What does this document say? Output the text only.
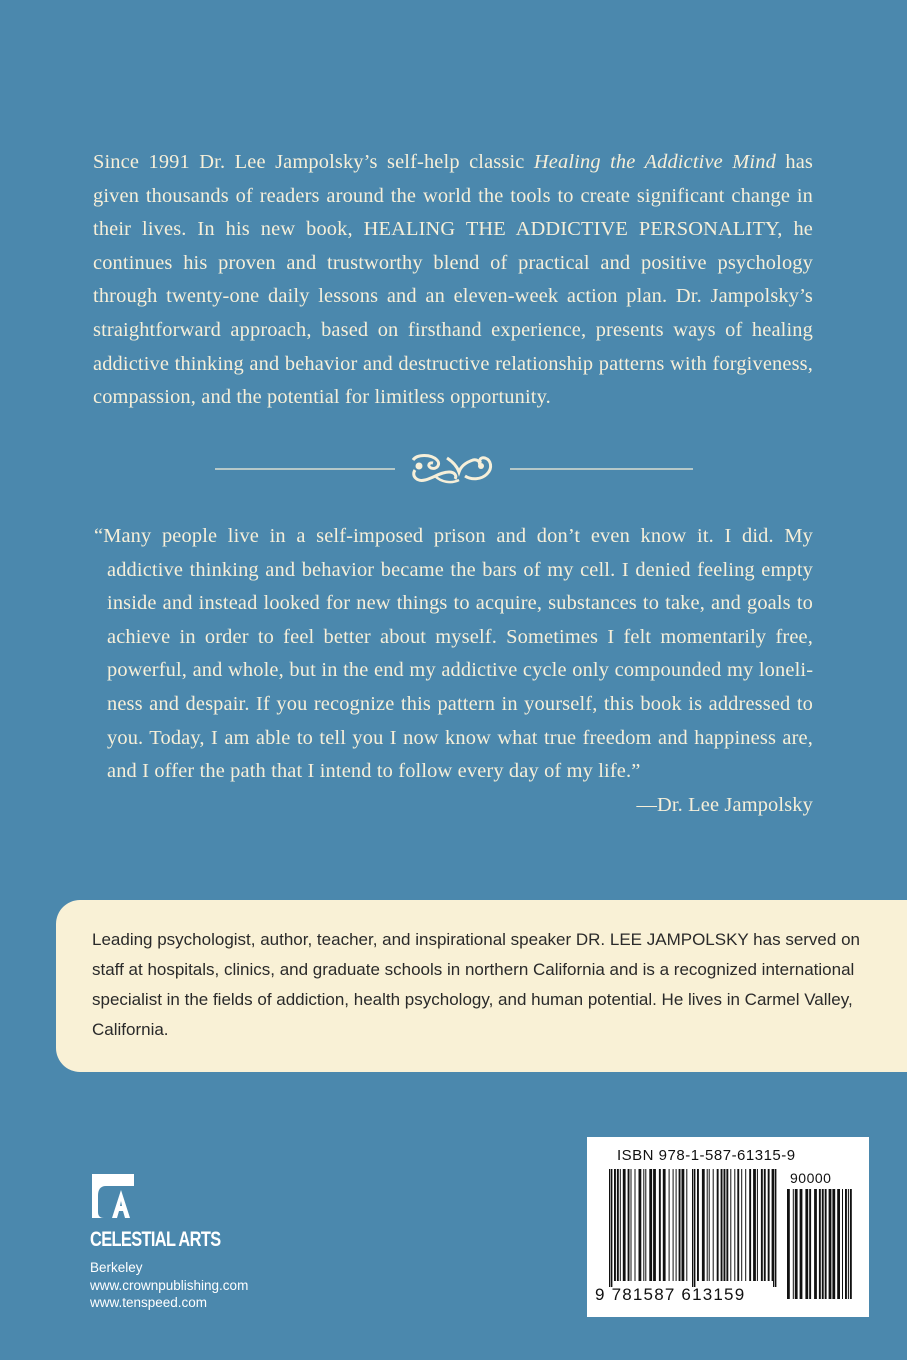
Since 1991 Dr. Lee Jampolsky’s self-help classic Healing the Addictive Mind has given thousands of readers around the world the tools to create significant change in their lives. In his new book, HEALING THE ADDICTIVE PERSONALITY, he continues his proven and trustworthy blend of practical and positive psychology through twenty-one daily lessons and an eleven-week action plan. Dr. Jampolsky’s straightforward approach, based on firsthand experience, presents ways of healing addictive thinking and behavior and destructive relationship patterns with forgiveness, compassion, and the potential for limitless opportunity.
“Many people live in a self-imposed prison and don’t even know it. I did. My addictive thinking and behavior became the bars of my cell. I denied feeling empty inside and instead looked for new things to acquire, substances to take, and goals to achieve in order to feel better about myself. Sometimes I felt momentarily free, powerful, and whole, but in the end my addictive cycle only compounded my loneliness and despair. If you recognize this pattern in yourself, this book is addressed to you. Today, I am able to tell you I now know what true freedom and happiness are, and I offer the path that I intend to follow every day of my life.”
—Dr. Lee Jampolsky
Leading psychologist, author, teacher, and inspirational speaker DR. LEE JAMPOLSKY has served on staff at hospitals, clinics, and graduate schools in northern California and is a recognized international specialist in the fields of addiction, health psychology, and human potential. He lives in Carmel Valley, California.
CELESTIAL ARTS
Berkeley
www.crownpublishing.com
www.tenspeed.com
ISBN 978-1-587-61315-9
90000
9 781587 613159
